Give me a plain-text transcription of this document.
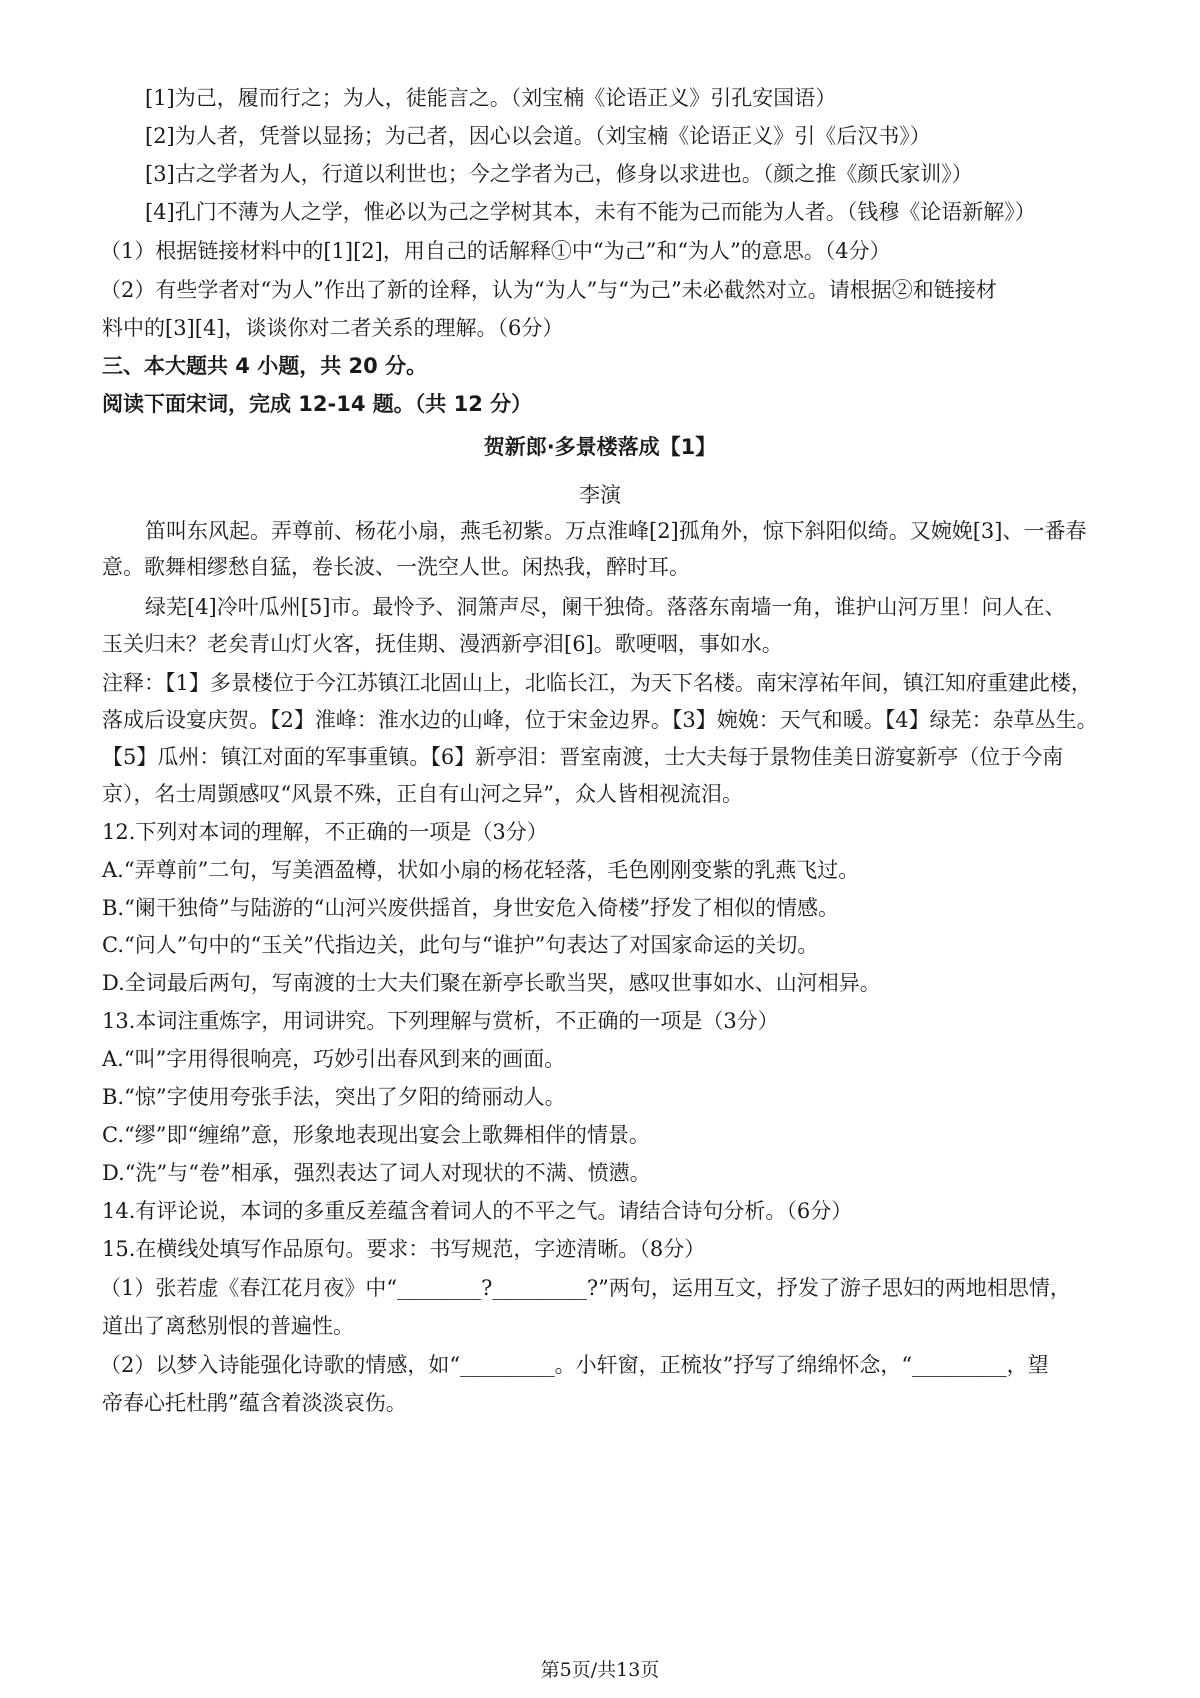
[1]为己，履而行之；为人，徒能言之。（刘宝楠《论语正义》引孔安国语）
[2]为人者，凭誉以显扬；为己者，因心以会道。（刘宝楠《论语正义》引《后汉书》）
[3]古之学者为人，行道以利世也；今之学者为己，修身以求进也。（颜之推《颜氏家训》）
[4]孔门不薄为人之学，惟必以为己之学树其本，未有不能为己而能为人者。（钱穆《论语新解》）
（1）根据链接材料中的[1][2]，用自己的话解释①中“为己”和“为人”的意思。（4分）
（2）有些学者对“为人”作出了新的诠释，认为“为人”与“为己”未必截然对立。请根据②和链接材
料中的[3][4]，谈谈你对二者关系的理解。（6分）
三、本大题共 4 小题，共 20 分。
阅读下面宋词，完成 12-14 题。（共 12 分）
贺新郎·多景楼落成【1】
李演
笛叫东风起。弄尊前、杨花小扇，燕毛初紫。万点淮峰[2]孤角外，惊下斜阳似绮。又婉娩[3]、一番春
意。歌舞相缪愁自猛，卷长波、一洗空人世。闲热我，醉时耳。
绿芜[4]冷叶瓜州[5]市。最怜予、洞箫声尽，阑干独倚。落落东南墙一角，谁护山河万里！问人在、
玉关归未？老矣青山灯火客，抚佳期、漫洒新亭泪[6]。歌哽咽，事如水。
注释：【1】多景楼位于今江苏镇江北固山上，北临长江，为天下名楼。南宋淳祐年间，镇江知府重建此楼，
落成后设宴庆贺。【2】淮峰：淮水边的山峰，位于宋金边界。【3】婉娩：天气和暖。【4】绿芜：杂草丛生。
【5】瓜州：镇江对面的军事重镇。【6】新亭泪：晋室南渡，士大夫每于景物佳美日游宴新亭（位于今南
京），名士周顗感叹“风景不殊，正自有山河之异”，众人皆相视流泪。
12.下列对本词的理解，不正确的一项是（3分）
A.“弄尊前”二句，写美酒盈樽，状如小扇的杨花轻落，毛色刚刚变紫的乳燕飞过。
B.“阑干独倚”与陆游的“山河兴废供揺首，身世安危入倚楼”抒发了相似的情感。
C.“问人”句中的“玉关”代指边关，此句与“谁护”句表达了对国家命运的关切。
D.全词最后两句，写南渡的士大夫们聚在新亭长歌当哭，感叹世事如水、山河相异。
13.本词注重炼字，用词讲究。下列理解与赏析，不正确的一项是（3分）
A.“叫”字用得很响亮，巧妙引出春风到来的画面。
B.“惊”字使用夸张手法，突出了夕阳的绮丽动人。
C.“缪”即“缠绵”意，形象地表现出宴会上歌舞相伴的情景。
D.“洗”与“卷”相承，强烈表达了词人对现状的不满、愤懑。
14.有评论说，本词的多重反差蕴含着词人的不平之气。请结合诗句分析。（6分）
15.在横线处填写作品原句。要求：书写规范，字迹清晰。（8分）
（1）张若虚《春江花月夜》中“________?_________?”两句，运用互文，抒发了游子思妇的两地相思情，
道出了离愁别恨的普遍性。
（2）以梦入诗能强化诗歌的情感，如“_________。小轩窗，正梳妆”抒写了绵绵怀念，“_________，望
帝春心托杜鹃”蕴含着淡淡哀伤。
第5页/共13页
